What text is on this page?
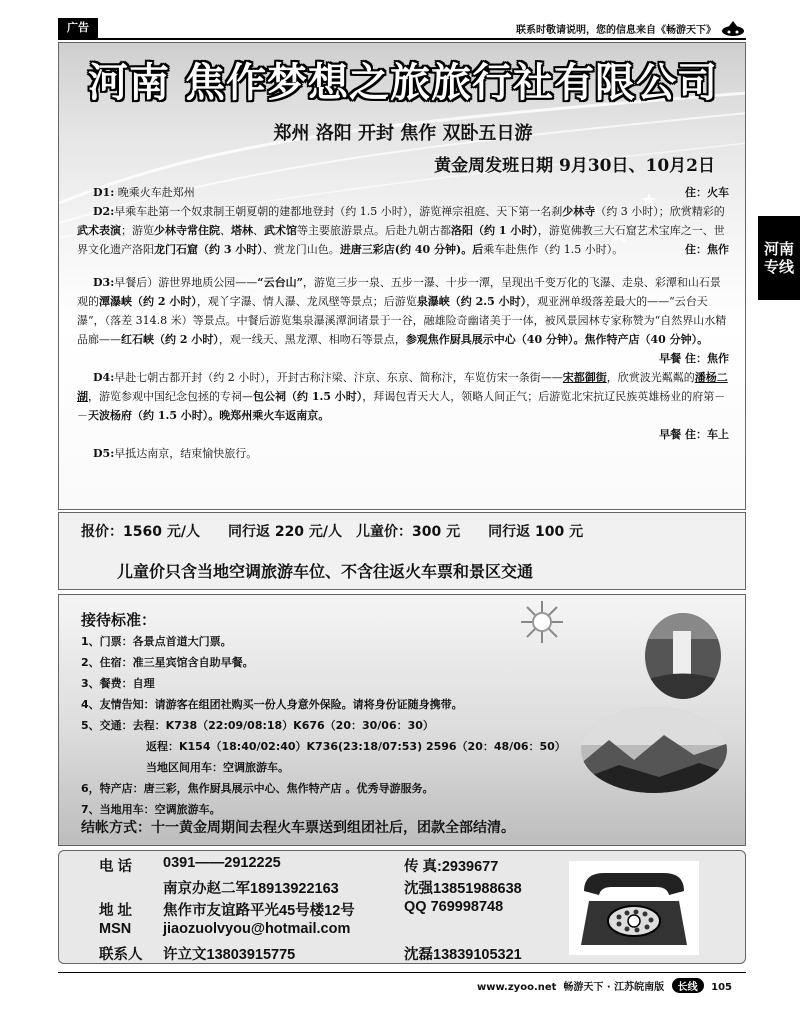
广告	联系时敬请说明，您的信息来自《畅游天下》
河南
专线
河南 焦作梦想之旅旅行社有限公司
郑州 洛阳 开封 焦作 双卧五日游
黄金周发班日期 9月30日、10月2日

D1: 晚乘火车赴郑州	住：火车

D2:早乘车赴第一个奴隶制王朝夏朝的建都地登封（约 1.5 小时），游览禅宗祖庭、天下第一名刹少林寺（约 3 小时）；欣赏精彩的武术表演；游览少林寺常住院、塔林、武术馆等主要旅游景点。后赴九朝古都洛阳（约 1 小时），游览佛教三大石窟艺术宝库之一、世界文化遗产洛阳龙门石窟（约 3 小时）、赏龙门山色。进唐三彩店(约 40 分钟)。后乘车赴焦作（约 1.5 小时）。	住：焦作

D3:早餐后）游世界地质公园——“云台山”，游览三步一泉、五步一瀑、十步一潭，呈现出千变万化的飞瀑、走泉、彩潭和山石景观的潭瀑峡（约 2 小时），观丫字瀑、情人瀑、龙凤壁等景点；后游览泉瀑峡（约 2.5 小时），观亚洲单级落差最大的——“云台天瀑”，（落差 314.8 米）等景点。中餐后游览集泉瀑溪潭涧诸景于一谷，融雄险奇幽诸美于一体，被风景园林专家称赞为“自然界山水精品廊——红石峡（约 2 小时），观一线天、黑龙潭、相吻石等景点，参观焦作厨具展示中心（40 分钟）。焦作特产店（40 分钟）。

早餐 住：焦作

D4:早赴七朝古都开封（约 2 小时），开封古称汴梁、汴京、东京、简称汴，车览仿宋一条街——宋都御街，欣赏波光粼粼的潘杨二湖，游览参观中国纪念包拯的专祠—包公祠（约 1.5 小时），拜谒包青天大人，领略人间正气；后游览北宋抗辽民族英雄杨业的府第－－天波杨府（约 1.5 小时）。晚郑州乘火车返南京。

早餐 住：车上

D5:早抵达南京，结束愉快旅行。

报价：1560 元/人　　同行返 220 元/人　儿童价：300 元　　同行返 100 元
儿童价只含当地空调旅游车位、不含往返火车票和景区交通
接待标准：
1、门票：各景点首道大门票。
2、住宿：准三星宾馆含自助早餐。
3、餐费：自理
4、友情告知：请游客在组团社购买一份人身意外保险。请将身份证随身携带。
5、交通：去程：K738（22:09/08:18）K676（20：30/06：30）
返程：K154（18:40/02:40）K736(23:18/07:53) 2596（20：48/06：50）
当地区间用车：空调旅游车。
6，特产店：唐三彩，焦作厨具展示中心、焦作特产店 。优秀导游服务。
7、当地用车：空调旅游车。
结帐方式：十一黄金周期间去程火车票送到组团社后，团款全部结清。
电 话 0391——2912225	传 真:2939677
南京办赵二军18913922163	沈强13851988638
地 址 焦作市友谊路平光45号楼12号	QQ 769998748
MSN jiaozuolvyou@hotmail.com
联系人 许立文13803915775	沈磊13839105321
www.zyoo.net 畅游天下 · 江苏皖南版 长线 105
